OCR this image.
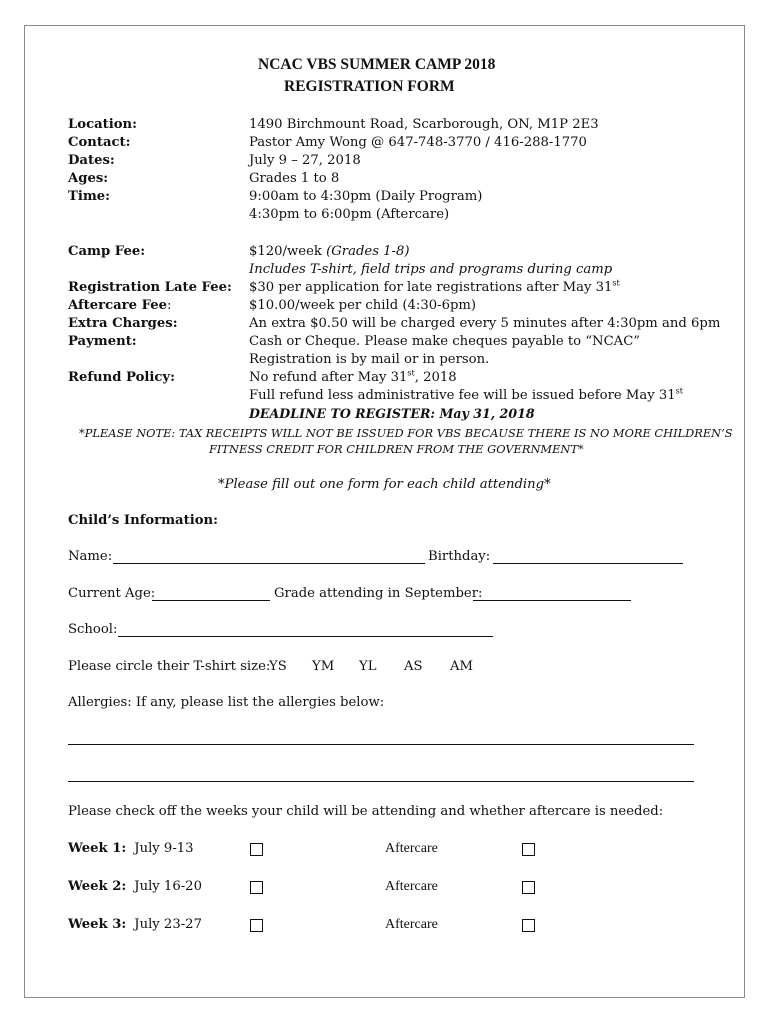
NCAC VBS SUMMER CAMP 2018
REGISTRATION FORM
Location:	1490 Birchmount Road, Scarborough, ON, M1P 2E3
Contact:	Pastor Amy Wong @ 647-748-3770 / 416-288-1770
Dates:	July 9 – 27, 2018
Ages:	Grades 1 to 8
Time:	9:00am to 4:30pm (Daily Program)
4:30pm to 6:00pm (Aftercare)
Camp Fee:	$120/week (Grades 1-8)
Includes T-shirt, field trips and programs during camp
Registration Late Fee: $30 per application for late registrations after May 31st
Aftercare Fee:	$10.00/week per child (4:30-6pm)
Extra Charges:	An extra $0.50 will be charged every 5 minutes after 4:30pm and 6pm
Payment:	Cash or Cheque. Please make cheques payable to “NCAC”
Registration is by mail or in person.
Refund Policy:	No refund after May 31st, 2018
Full refund less administrative fee will be issued before May 31st
DEADLINE TO REGISTER: May 31, 2018
*PLEASE NOTE: TAX RECEIPTS WILL NOT BE ISSUED FOR VBS BECAUSE THERE IS NO MORE CHILDREN’S
FITNESS CREDIT FOR CHILDREN FROM THE GOVERNMENT*
*Please fill out one form for each child attending*
Child’s Information:
Name:	Birthday:
Current Age:	Grade attending in September:
School:
Please circle their T-shirt size:
YS YM YL AS AM
Allergies: If any, please list the allergies below:
Please check off the weeks your child will be attending and whether aftercare is needed:
Week 1: July 9-13	Aftercare
Week 2: July 16-20	Aftercare
Week 3: July 23-27	Aftercare
